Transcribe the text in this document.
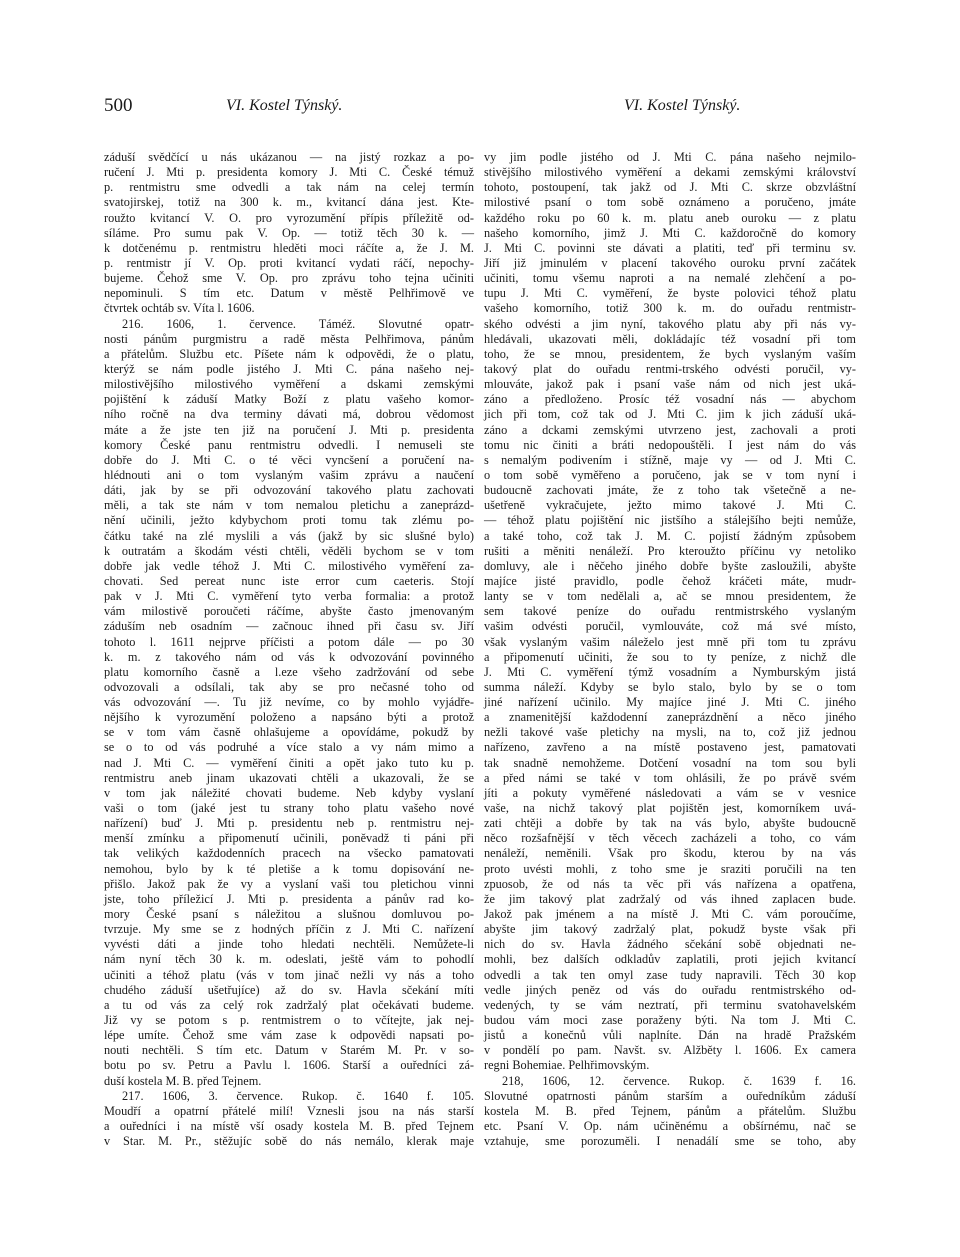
500	VI. Kostel Týnský.	VI. Kostel Týnský.
záduší svědčící u nás ukázanou — na jistý rozkaz a po-
ručení J. Mti p. presidenta komory J. Mti C. České témuž
p. rentmistru sme odvedli a tak nám na celej termín
svatojirskej, totiž na 300 k. m., kvitancí dána jest. Kte-
roužto kvitancí V. O. pro vyrozumění přípis příležitě od-
síláme. Pro sumu pak V. Op. — totiž těch 30 k. —
k dotčenému p. rentmistru hleděti moci ráčíte a, že J. M.
p. rentmistr jí V. Op. proti kvitancí vydati ráčí, nepochy-
bujeme. Čehož sme V. Op. pro zprávu toho tejna učiniti
nepominuli. S tím etc. Datum v městě Pelhřimově ve
čtvrtek ochtáb sv. Víta l. 1606.
216. 1606, 1. července. Táméž. Slovutné opatr-
nosti pánům purgmistru a radě města Pelhřimova, pánům
a přátelům. Službu etc. Píšete nám k odpovědi, že o platu,
kterýž se nám podle jistého J. Mti C. pána našeho nej-
milostivějšího milostivého vyměření a dskami zemskými
pojištění k záduší Matky Boží z platu vašeho komor-
ního ročně na dva terminy dávati má, dobrou vědomost
máte a že jste ten již na poručení J. Mti p. presidenta
komory České panu rentmistru odvedli. I nemuseli ste
dobře do J. Mti C. o té věci vyncšení a poručení na-
hlédnouti ani o tom vyslaným vašim zprávu a naučení
dáti, jak by se při odvozování takového platu zachovati
měli, a tak ste nám v tom nemalou pletichu a zaneprázd-
nění učinili, ježto kdybychom proti tomu tak zlému po-
čátku také na zlé myslili a vás (jakž by sic slušné bylo)
k outratám a škodám vésti chtěli, věděli bychom se v tom
dobře jak vedle téhož J. Mti C. milostivého vyměření za-
chovati. Sed pereat nunc iste error cum caeteris. Stojí
pak v J. Mti C. vyměření tyto verba formalia: a protož
vám milostivě poroučeti ráčíme, abyšte často jmenovaným
záduším neb osadním — začnouc ihned při času sv. Jiří
tohoto l. 1611 nejprve příčisti a potom dále — po 30
k. m. z takového nám od vás k odvozování povinného
platu komorního časně a l.eze všeho zadržování od sebe
odvozovali a odsílali, tak aby se pro nečasné toho od
vás odvozování —. Tu již nevíme, co by mohlo vyjádře-
nějšího k vyrozumění položeno a napsáno býti a protož
se v tom vám časně ohlašujeme a opovídáme, pokudž by
se o to od vás podruhé a více stalo a vy nám mimo a
nad J. Mti C. — vyměření činiti a opět jako tuto ku p.
rentmistru aneb jinam ukazovati chtěli a ukazovali, že se
v tom jak náležité chovati budeme. Neb kdyby vyslaní
vaši o tom (jaké jest tu strany toho platu vašeho nové
nařízení) buď J. Mti p. presidentu neb p. rentmistru nej-
menší zmínku a připomenutí učinili, poněvadž ti páni při
tak velikých každodenních pracech na všecko pamatovati
nemohou, bylo by k té pletiše a k tomu dopisování ne-
přišlo. Jakož pak že vy a vyslaní vaši tou pletichou vinni
jste, toho příležicí J. Mti p. presidenta a pánův rad ko-
mory České psaní s náležitou a slušnou domluvou po-
tvrzuje. My sme se z hodných příčin z J. Mti C. nařízení
vyvésti dáti a jinde toho hledati nechtěli. Nemůžete-li
nám nyní těch 30 k. m. odeslati, ještě vám to pohodlí
učiniti a téhož platu (vás v tom jinač nežli vy nás a toho
chudého záduší ušetřujíce) až do sv. Havla sčekání míti
a tu od vás za celý rok zadržalý plat očekávati budeme.
Již vy se potom s p. rentmistrem o to včítejte, jak nej-
lépe umíte. Čehož sme vám zase k odpovědi napsati po-
nouti nechtěli. S tím etc. Datum v Starém M. Pr. v so-
botu po sv. Petru a Pavlu l. 1606. Starší a ouředníci zá-
duší kostela M. B. před Tejnem.
217. 1606, 3. července. Rukop. č. 1640 f. 105.
Moudří a opatrní přátelé milí! Vznesli jsou na nás starší
a ouředníci i na místě vší osady kostela M. B. před Tejnem
v Star. M. Pr., stěžujíc sobě do nás nemálo, klerak maje
vy jim podle jistého od J. Mti C. pána našeho nejmilo-
stivějšího milostivého vyměření a dekami zemskými království
tohoto, postoupení, tak jakž od J. Mti C. skrze obzvláštní
milostivé psaní o tom sobě oznámeno a poručeno, jmáte
každého roku po 60 k. m. platu aneb ouroku — z platu
našeho komorního, jimž J. Mti C. každoročně do komory
J. Mti C. povinni ste dávati a platiti, teď při terminu sv.
Jiří již jminulém v placení takového ouroku první začátek
učiniti, tomu všemu naproti a na nemalé zlehčení a po-
tupu J. Mti C. vyměření, že byste polovici téhož platu
vašeho komorního, totiž 300 k. m. do ouřadu rentmistr-
ského odvésti a jim nyní, takového platu aby při nás vy-
hledávali, ukazovati měli, dokládajíc též vosadní při tom
toho, že se mnou, presidentem, že bych vyslaným vaším
takový plat do ouřadu rentmi-trského odvésti poručil, vy-
mlouváte, jakož pak i psaní vaše nám od nich jest uká-
záno a předloženo. Prosíc též vosadní nás — abychom
jich při tom, což tak od J. Mti C. jim k jich záduší uká-
záno a dckami zemskými utvrzeno jest, zachovali a proti
tomu nic činiti a bráti nedopouštěli. I jest nám do vás
s nemalým podivením i stížně, maje vy — od J. Mti C.
o tom sobě vyměřeno a poručeno, jak se v tom nyní i
budoucně zachovati jmáte, že z toho tak všetečně a ne-
ušetřeně vykračujete, ježto mimo takové J. Mti C.
— téhož platu pojištění nic jistšího a stálejšího bejti nemůže,
a také toho, což tak J. M. C. pojistí žádným způsobem
rušiti a měniti nenáleží. Pro kteroužto příčinu vy netoliko
domluvy, ale i něčeho jiného dobře byšte zasloužili, abyšte
majíce jisté pravidlo, podle čehož kráčeti máte, mudr-
lanty se v tom nedělali a, ač se mnou presidentem, že
sem takové peníze do ouřadu rentmistrského vyslaným
vašim odvésti poručil, vymlouváte, což má své místo,
však vyslaným vašim náleželo jest mně při tom tu zprávu
a připomenutí učiniti, že sou to ty peníze, z nichž dle
J. Mti C. vyměření týmž vosadním a Nymburským jistá
summa náleží. Kdyby se bylo stalo, bylo by se o tom
jiné nařízení učinilo. My majíce jiné J. Mti C. jiného
a znamenitější každodenní zaneprázdnění a něco jiného
nežli takové vaše pletichy na mysli, na to, což již jednou
nařízeno, zavřeno a na místě postaveno jest, pamatovati
tak snadně nemohžeme. Dotčení vosadní na tom sou byli
a před námi se také v tom ohlásili, že po právě svém
jíti a pokuty vyměřené následovati a vám se v vesnice
vaše, na nichž takový plat pojištěn jest, komorníkem uvá-
zati chtěji a dobře by tak na vás bylo, abyšte budoucně
něco rozšafnější v těch věcech zacházeli a toho, co vám
nenáleží, neměnili. Však pro škodu, kterou by na vás
proto uvésti mohli, z toho sme je sraziti poručili na ten
zpuosob, že od nás ta věc při vás nařízena a opatřena,
že jim takový plat zadržalý od vás ihned zaplacen bude.
Jakož pak jménem a na místě J. Mti C. vám poroučíme,
abyšte jim takový zadržalý plat, pokudž byste však při
nich do sv. Havla žádného sčekání sobě objednati ne-
mohli, bez dalších odkladův zaplatili, proti jejich kvitancí
odvedli a tak ten omyl zase tudy napravili. Těch 30 kop
vedle jiných peněz od vás do ouřadu rentmistrského od-
vedených, ty se vám neztratí, při terminu svatohavelském
budou vám moci zase poraženy býti. Na tom J. Mti C.
jistů a konečnů vůli naplníte. Dán na hradě Pražském
v pondělí po pam. Navšt. sv. Alžběty l. 1606. Ex camera
regni Bohemiae. Pelhřimovským.
218, 1606, 12. července. Rukop. č. 1639 f. 16.
Slovutné opatrnosti pánům starším a ouředníkům záduší
kostela M. B. před Tejnem, pánům a přátelům. Službu
etc. Psaní V. Op. nám učiněnému a obšírnému, nač se
vztahuje, sme porozuměli. I nenadálí sme se toho, aby
